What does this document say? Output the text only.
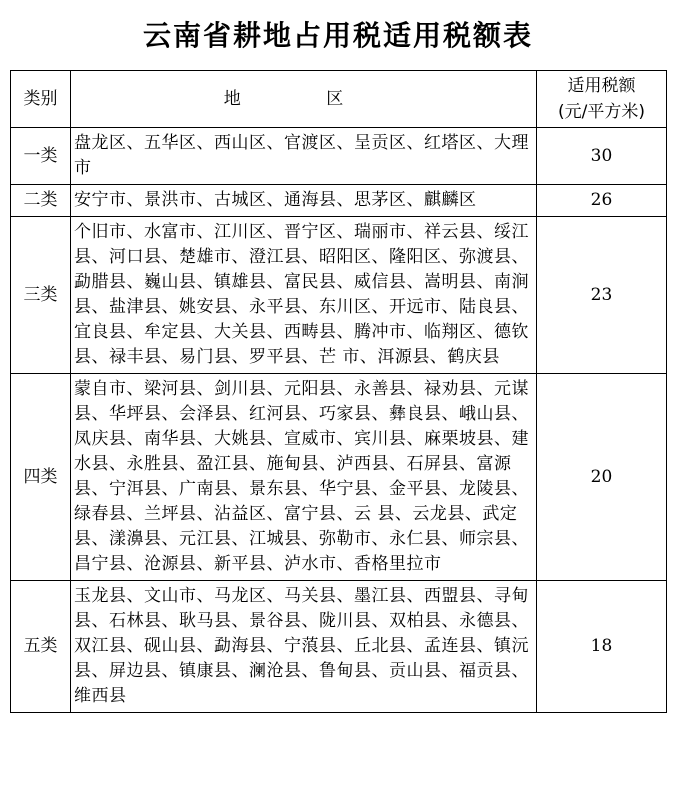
云南省耕地占用税适用税额表
类别	地 区	适用税额
(元/平方米)

一类	盘龙区、五华区、西山区、官渡区、呈贡区、红塔区、大理市	30
二类	安宁市、景洪市、古城区、通海县、思茅区、麒麟区	26
三类	个旧市、水富市、江川区、晋宁区、瑞丽市、祥云县、绥江县、河口县、楚雄市、澄江县、昭阳区、隆阳区、弥渡县、勐腊县、巍山县、镇雄县、富民县、威信县、嵩明县、南涧县、盐津县、姚安县、永平县、东川区、开远市、陆良县、宜良县、牟定县、大关县、西畴县、腾冲市、临翔区、德钦县、禄丰县、易门县、罗平县、芒 市、洱源县、鹤庆县	23
四类	蒙自市、梁河县、剑川县、元阳县、永善县、禄劝县、元谋县、华坪县、会泽县、红河县、巧家县、彝良县、峨山县、凤庆县、南华县、大姚县、宣威市、宾川县、麻栗坡县、建水县、永胜县、盈江县、施甸县、泸西县、石屏县、富源县、宁洱县、广南县、景东县、华宁县、金平县、龙陵县、绿春县、兰坪县、沾益区、富宁县、云 县、云龙县、武定县、漾濞县、元江县、江城县、弥勒市、永仁县、师宗县、昌宁县、沧源县、新平县、泸水市、香格里拉市	20
五类	玉龙县、文山市、马龙区、马关县、墨江县、西盟县、寻甸县、石林县、耿马县、景谷县、陇川县、双柏县、永德县、双江县、砚山县、勐海县、宁蒗县、丘北县、孟连县、镇沅县、屏边县、镇康县、澜沧县、鲁甸县、贡山县、福贡县、维西县	18
